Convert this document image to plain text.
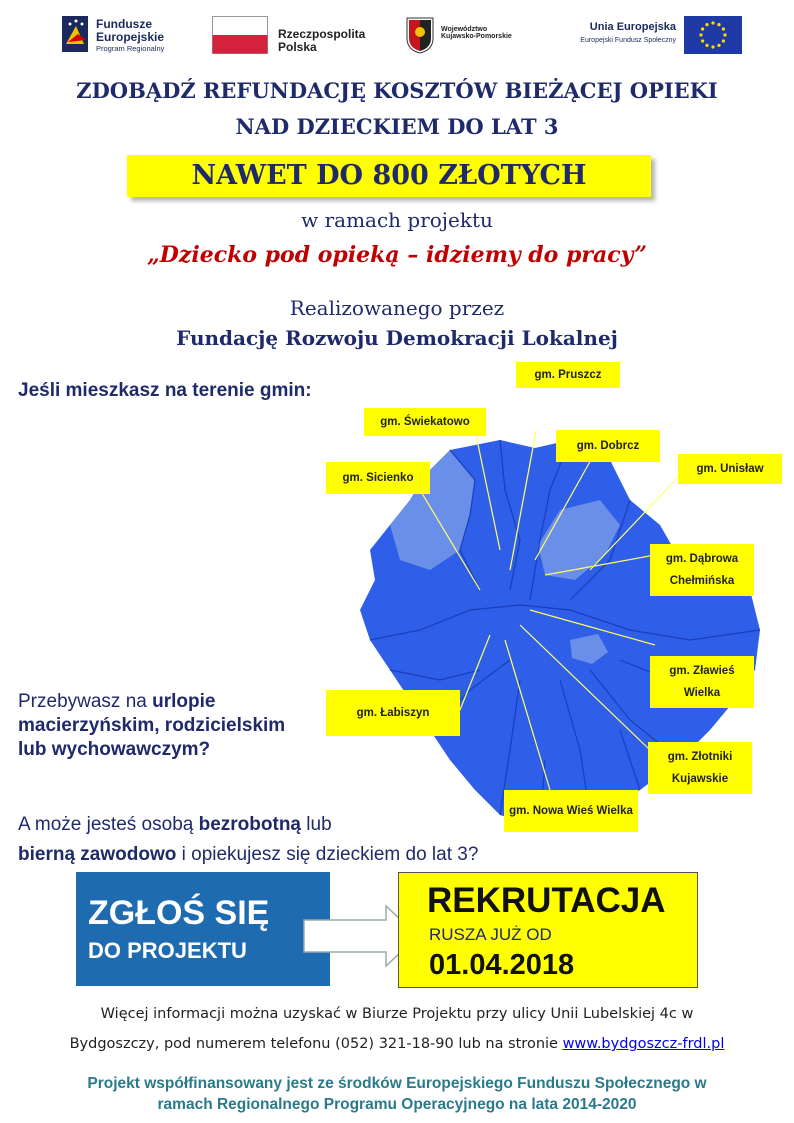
Fundusze
Europejskie
Program Regionalny
Rzeczpospolita
Polska
Województwo
Kujawsko-Pomorskie
Unia Europejska
Europejski Fundusz Społeczny
ZDOBĄDŹ REFUNDACJĘ KOSZTÓW BIEŻĄCEJ OPIEKI
NAD DZIECKIEM DO LAT 3
NAWET DO 800 ZŁOTYCH
w ramach projektu
„Dziecko pod opieką – idziemy do pracy”
Realizowanego przez
Fundację Rozwoju Demokracji Lokalnej
Jeśli mieszkasz na terenie gmin:
gm. Pruszcz
gm. Świekatowo
gm. Dobrcz
gm. Sicienko
gm. Unisław
gm. Dąbrowa Chełmińska
gm. Zławieś Wielka
gm. Łabiszyn
gm. Złotniki Kujawskie
gm. Nowa Wieś Wielka
Przebywasz na urlopie
macierzyńskim, rodzicielskim
lub wychowawczym?
A może jesteś osobą bezrobotną lub
bierną zawodowo i opiekujesz się dzieckiem do lat 3?
ZGŁOŚ SIĘ
DO PROJEKTU
REKRUTACJA
RUSZA JUŻ OD
01.04.2018
Więcej informacji można uzyskać w Biurze Projektu przy ulicy Unii Lubelskiej 4c w
Bydgoszczy, pod numerem telefonu (052) 321-18-90 lub na stronie www.bydgoszcz-frdl.pl
Projekt współfinansowany jest ze środków Europejskiego Funduszu Społecznego w
ramach Regionalnego Programu Operacyjnego na lata 2014-2020
